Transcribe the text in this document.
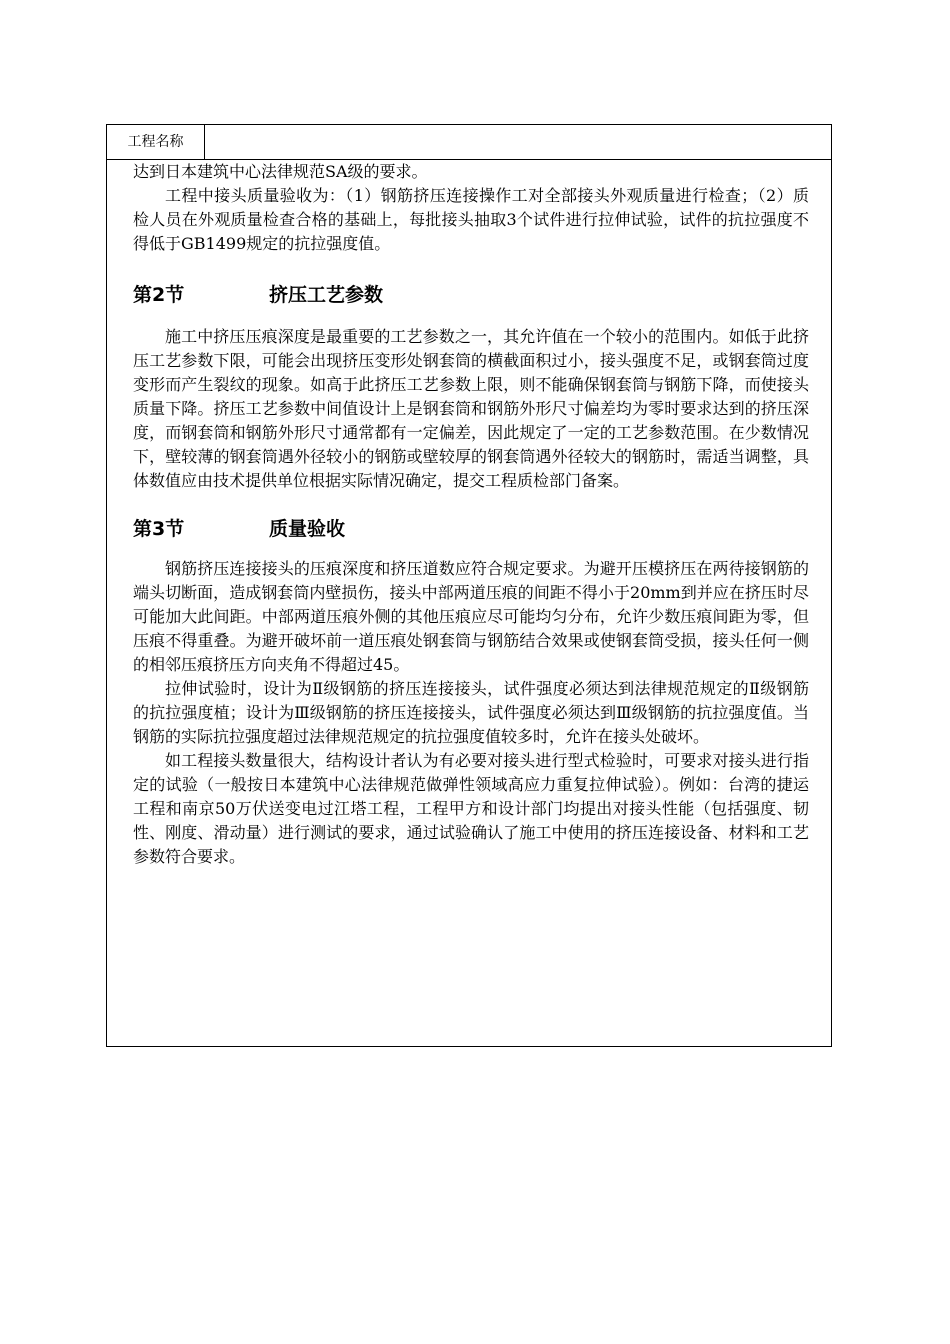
工程名称

达到日本建筑中心法律规范SA级的要求。

工程中接头质量验收为：（1）钢筋挤压连接操作工对全部接头外观质量进行检查；（2）质检人员在外观质量检查合格的基础上，每批接头抽取3个试件进行拉伸试验，试件的抗拉强度不得低于GB1499规定的抗拉强度值。

第2节	挤压工艺参数

施工中挤压压痕深度是最重要的工艺参数之一，其允许值在一个较小的范围内。如低于此挤压工艺参数下限，可能会出现挤压变形处钢套筒的横截面积过小，接头强度不足，或钢套筒过度变形而产生裂纹的现象。如高于此挤压工艺参数上限，则不能确保钢套筒与钢筋下降，而使接头质量下降。挤压工艺参数中间值设计上是钢套筒和钢筋外形尺寸偏差均为零时要求达到的挤压深度，而钢套筒和钢筋外形尺寸通常都有一定偏差，因此规定了一定的工艺参数范围。在少数情况下，壁较薄的钢套筒遇外径较小的钢筋或壁较厚的钢套筒遇外径较大的钢筋时，需适当调整，具体数值应由技术提供单位根据实际情况确定，提交工程质检部门备案。

第3节	质量验收

钢筋挤压连接接头的压痕深度和挤压道数应符合规定要求。为避开压模挤压在两待接钢筋的端头切断面，造成钢套筒内壁损伤，接头中部两道压痕的间距不得小于20mm到并应在挤压时尽可能加大此间距。中部两道压痕外侧的其他压痕应尽可能均匀分布，允许少数压痕间距为零，但压痕不得重叠。为避开破坏前一道压痕处钢套筒与钢筋结合效果或使钢套筒受损，接头任何一侧的相邻压痕挤压方向夹角不得超过45。

拉伸试验时，设计为Ⅱ级钢筋的挤压连接接头，试件强度必须达到法律规范规定的Ⅱ级钢筋的抗拉强度植；设计为Ⅲ级钢筋的挤压连接接头，试件强度必须达到Ⅲ级钢筋的抗拉强度值。当钢筋的实际抗拉强度超过法律规范规定的抗拉强度值较多时，允许在接头处破坏。

如工程接头数量很大，结构设计者认为有必要对接头进行型式检验时，可要求对接头进行指定的试验（一般按日本建筑中心法律规范做弹性领域高应力重复拉伸试验）。例如：台湾的捷运工程和南京50万伏送变电过江塔工程，工程甲方和设计部门均提出对接头性能（包括强度、韧性、刚度、滑动量）进行测试的要求，通过试验确认了施工中使用的挤压连接设备、材料和工艺参数符合要求。
